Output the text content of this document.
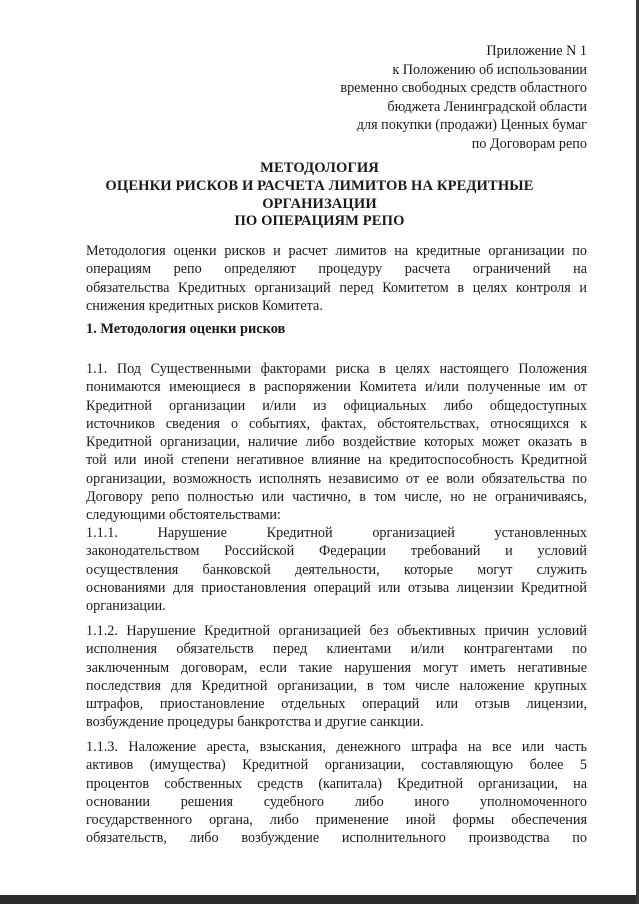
Приложение N 1
к Положению об использовании
временно свободных средств областного
бюджета Ленинградской области
для покупки (продажи) Ценных бумаг
по Договорам репо
МЕТОДОЛОГИЯ
ОЦЕНКИ РИСКОВ И РАСЧЕТА ЛИМИТОВ НА КРЕДИТНЫЕ
ОРГАНИЗАЦИИ
ПО ОПЕРАЦИЯМ РЕПО
Методология оценки рисков и расчет лимитов на кредитные организации по
операциям репо определяют процедуру расчета ограничений на
обязательства Кредитных организаций перед Комитетом в целях контроля и
снижения кредитных рисков Комитета.
1. Методология оценки рисков
1.1. Под Существенными факторами риска в целях настоящего Положения
понимаются имеющиеся в распоряжении Комитета и/или полученные им от
Кредитной организации и/или из официальных либо общедоступных
источников сведения о событиях, фактах, обстоятельствах, относящихся к
Кредитной организации, наличие либо воздействие которых может оказать в
той или иной степени негативное влияние на кредитоспособность Кредитной
организации, возможность исполнять независимо от ее воли обязательства по
Договору репо полностью или частично, в том числе, но не ограничиваясь,
следующими обстоятельствами:
1.1.1. Нарушение Кредитной организацией установленных
законодательством Российской Федерации требований и условий
осуществления банковской деятельности, которые могут служить
основаниями для приостановления операций или отзыва лицензии Кредитной
организации.
1.1.2. Нарушение Кредитной организацией без объективных причин условий
исполнения обязательств перед клиентами и/или контрагентами по
заключенным договорам, если такие нарушения могут иметь негативные
последствия для Кредитной организации, в том числе наложение крупных
штрафов, приостановление отдельных операций или отзыв лицензии,
возбуждение процедуры банкротства и другие санкции.
1.1.3. Наложение ареста, взыскания, денежного штрафа на все или часть
активов (имущества) Кредитной организации, составляющую более 5
процентов собственных средств (капитала) Кредитной организации, на
основании решения судебного либо иного уполномоченного
государственного органа, либо применение иной формы обеспечения
обязательств, либо возбуждение исполнительного производства по
